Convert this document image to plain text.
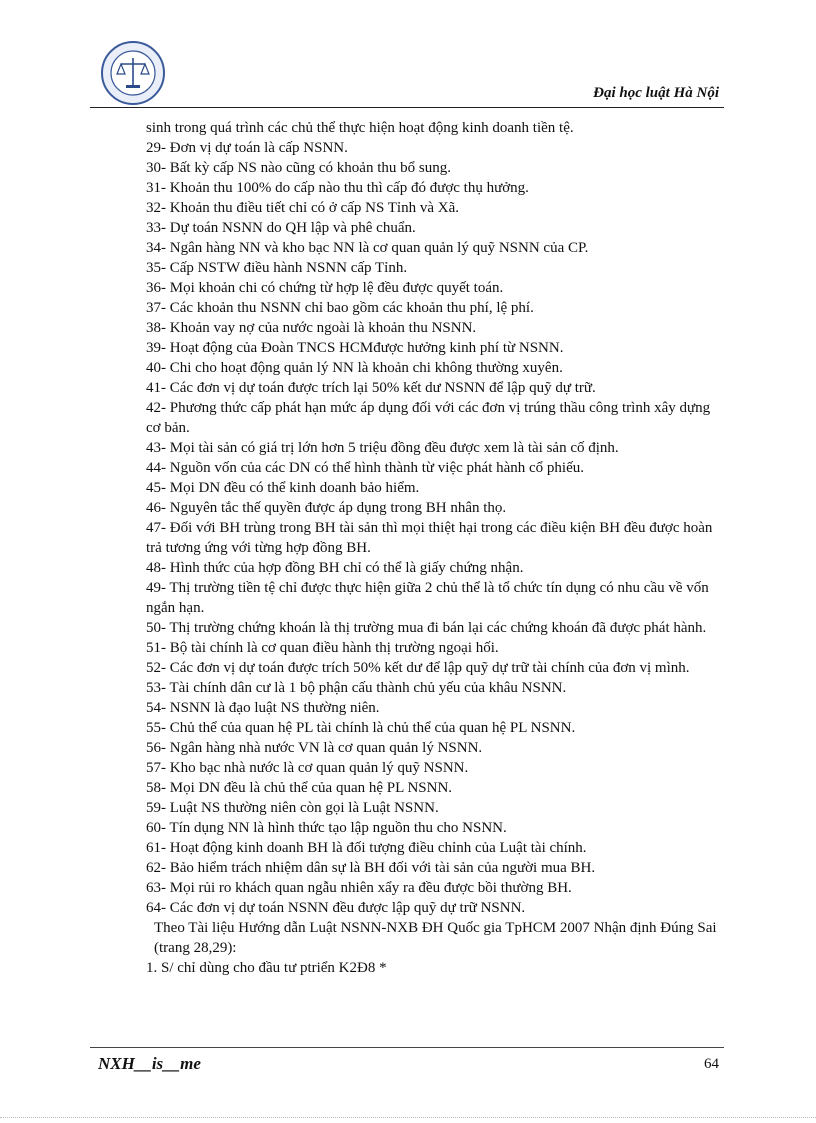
Đại học luật Hà Nội
sinh trong quá trình các chủ thể thực hiện hoạt động kinh doanh tiền tệ.
29- Đơn vị dự toán là cấp NSNN.
30- Bất kỳ cấp NS nào cũng có khoản thu bổ sung.
31- Khoản thu 100% do cấp nào thu thì cấp đó được thụ hưởng.
32- Khoản thu điều tiết chỉ có ở cấp NS Tỉnh và Xã.
33- Dự toán NSNN do QH lập và phê chuẩn.
34- Ngân hàng NN và kho bạc NN là cơ quan quản lý quỹ NSNN của CP.
35- Cấp NSTW điều hành NSNN cấp Tỉnh.
36- Mọi khoản chi có chứng từ hợp lệ đều được quyết toán.
37- Các khoản thu NSNN chỉ bao gồm các khoản thu phí, lệ phí.
38- Khoản vay nợ của nước ngoài là khoản thu NSNN.
39- Hoạt động của Đoàn TNCS HCMđược hưởng kinh phí từ NSNN.
40- Chi cho hoạt động quản lý NN là khoản chi không thường xuyên.
41- Các đơn vị dự toán được trích lại 50% kết dư NSNN để lập quỹ dự trữ.
42- Phương thức cấp phát hạn mức áp dụng đối với các đơn vị trúng thầu công trình xây dựng cơ bản.
43- Mọi tài sản có giá trị lớn hơn 5 triệu đồng đều được xem là tài sản cố định.
44- Nguồn vốn của các DN có thể hình thành từ việc phát hành cổ phiếu.
45- Mọi DN đều có thể kinh doanh bảo hiểm.
46- Nguyên tắc thế quyền được áp dụng trong BH nhân thọ.
47- Đối với BH trùng trong BH tài sản thì mọi thiệt hại trong các điều kiện BH đều được hoàn trả tương ứng với từng hợp đồng BH.
48- Hình thức của hợp đồng BH chỉ có thể là giấy chứng nhận.
49- Thị trường tiền tệ chỉ được thực hiện giữa 2 chủ thể là tổ chức tín dụng có nhu cầu về vốn ngắn hạn.
50- Thị trường chứng khoán là thị trường mua đi bán lại các chứng khoán đã được phát hành.
51- Bộ tài chính là cơ quan điều hành thị trường ngoại hối.
52- Các đơn vị dự toán được trích 50% kết dư để lập quỹ dự trữ tài chính của đơn vị mình.
53- Tài chính dân cư là 1 bộ phận cấu thành chủ yếu của khâu NSNN.
54- NSNN là đạo luật NS thường niên.
55- Chủ thể của quan hệ PL tài chính là chủ thể của quan hệ PL NSNN.
56- Ngân hàng nhà nước VN là cơ quan quản lý NSNN.
57- Kho bạc nhà nước là cơ quan quản lý quỹ NSNN.
58- Mọi DN đều là chủ thể của quan hệ PL NSNN.
59- Luật NS thường niên còn gọi là Luật NSNN.
60- Tín dụng NN là hình thức tạo lập nguồn thu cho NSNN.
61- Hoạt động kinh doanh BH là đối tượng điều chỉnh của Luật tài chính.
62- Bảo hiểm trách nhiệm dân sự là BH đối với tài sản của người mua BH.
63- Mọi rủi ro khách quan ngẫu nhiên xẩy ra đều được bồi thường BH.
64- Các đơn vị dự toán NSNN đều được lập quỹ dự trữ NSNN.
Theo Tài liệu Hướng dẫn Luật NSNN-NXB ĐH Quốc gia TpHCM 2007 Nhận định Đúng Sai (trang 28,29):
1. S/ chỉ dùng cho đầu tư ptriển K2Đ8 *
NXH__is__me	64
